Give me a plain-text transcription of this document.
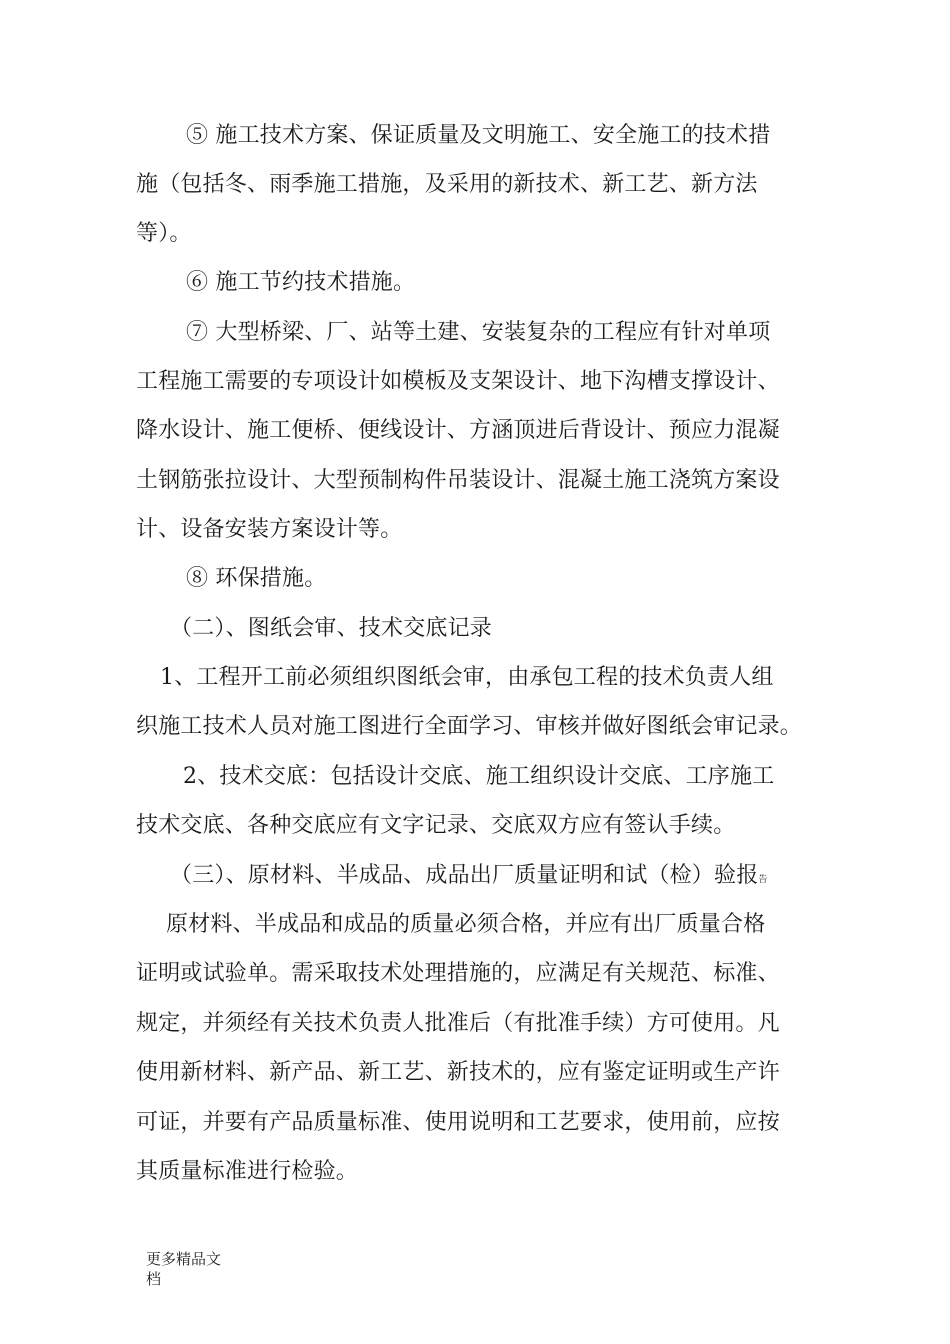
⑤ 施工技术方案、保证质量及文明施工、安全施工的技术措
施（包括冬、雨季施工措施，及采用的新技术、新工艺、新方法
等）。
⑥ 施工节约技术措施。
⑦ 大型桥梁、厂、站等土建、安装复杂的工程应有针对单项
工程施工需要的专项设计如模板及支架设计、地下沟槽支撑设计、
降水设计、施工便桥、便线设计、方涵顶进后背设计、预应力混凝
土钢筋张拉设计、大型预制构件吊装设计、混凝土施工浇筑方案设
计、设备安装方案设计等。
⑧ 环保措施。
（二）、图纸会审、技术交底记录
1、工程开工前必须组织图纸会审，由承包工程的技术负责人组
织施工技术人员对施工图进行全面学习、审核并做好图纸会审记录。
2、技术交底：包括设计交底、施工组织设计交底、工序施工
技术交底、各种交底应有文字记录、交底双方应有签认手续。
（三）、原材料、半成品、成品出厂质量证明和试（检）验报告
原材料、半成品和成品的质量必须合格，并应有出厂质量合格
证明或试验单。需采取技术处理措施的，应满足有关规范、标准、
规定，并须经有关技术负责人批准后（有批准手续）方可使用。凡
使用新材料、新产品、新工艺、新技术的，应有鉴定证明或生产许
可证，并要有产品质量标准、使用说明和工艺要求，使用前，应按
其质量标准进行检验。
更多精品文
档
